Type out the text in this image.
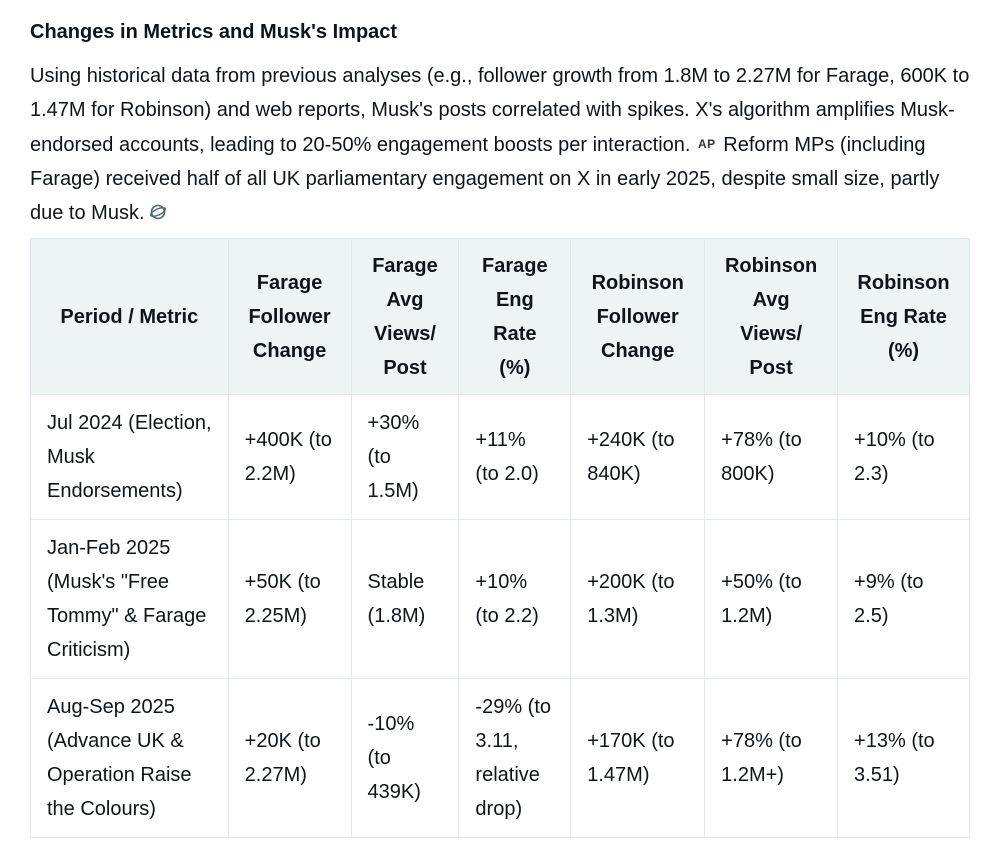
Changes in Metrics and Musk's Impact

Using historical data from previous analyses (e.g., follower growth from 1.8M to 2.27M for Farage, 600K to 1.47M for Robinson) and web reports, Musk's posts correlated with spikes. X's algorithm amplifies Musk-endorsed accounts, leading to 20-50% engagement boosts per interaction. AP Reform MPs (including Farage) received half of all UK parliamentary engagement on X in early 2025, despite small size, partly due to Musk.

Period / Metric	Farage Follower Change	Farage Avg Views/ Post	Farage Eng Rate (%)	Robinson Follower Change	Robinson Avg Views/ Post	Robinson Eng Rate (%)
Jul 2024 (Election, Musk Endorsements)	+400K (to 2.2M)	+30% (to 1.5M)	+11% (to 2.0)	+240K (to 840K)	+78% (to 800K)	+10% (to 2.3)
Jan-Feb 2025 (Musk's "Free Tommy" & Farage Criticism)	+50K (to 2.25M)	Stable (1.8M)	+10% (to 2.2)	+200K (to 1.3M)	+50% (to 1.2M)	+9% (to 2.5)
Aug-Sep 2025 (Advance UK & Operation Raise the Colours)	+20K (to 2.27M)	-10% (to 439K)	-29% (to 3.11, relative drop)	+170K (to 1.47M)	+78% (to 1.2M+)	+13% (to 3.51)
